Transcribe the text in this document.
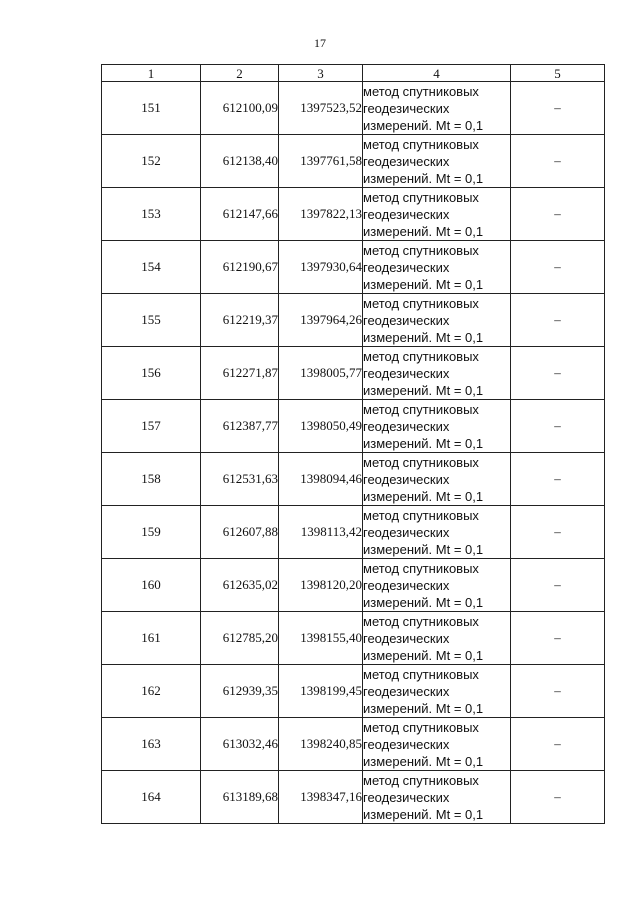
17
1	2	3	4	5
151	612100,09	1397523,52	метод спутниковых
геодезических
измерений. Mt = 0,1	–
152	612138,40	1397761,58	метод спутниковых
геодезических
измерений. Mt = 0,1	–
153	612147,66	1397822,13	метод спутниковых
геодезических
измерений. Mt = 0,1	–
154	612190,67	1397930,64	метод спутниковых
геодезических
измерений. Mt = 0,1	–
155	612219,37	1397964,26	метод спутниковых
геодезических
измерений. Mt = 0,1	–
156	612271,87	1398005,77	метод спутниковых
геодезических
измерений. Mt = 0,1	–
157	612387,77	1398050,49	метод спутниковых
геодезических
измерений. Mt = 0,1	–
158	612531,63	1398094,46	метод спутниковых
геодезических
измерений. Mt = 0,1	–
159	612607,88	1398113,42	метод спутниковых
геодезических
измерений. Mt = 0,1	–
160	612635,02	1398120,20	метод спутниковых
геодезических
измерений. Mt = 0,1	–
161	612785,20	1398155,40	метод спутниковых
геодезических
измерений. Mt = 0,1	–
162	612939,35	1398199,45	метод спутниковых
геодезических
измерений. Mt = 0,1	–
163	613032,46	1398240,85	метод спутниковых
геодезических
измерений. Mt = 0,1	–
164	613189,68	1398347,16	метод спутниковых
геодезических
измерений. Mt = 0,1	–
